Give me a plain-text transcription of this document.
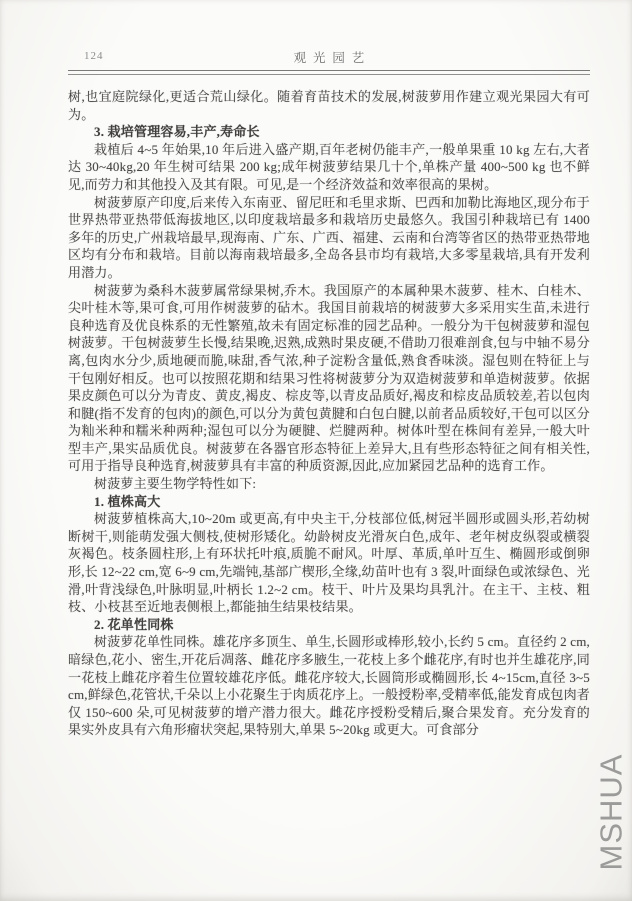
124	观光园艺
树,也宜庭院绿化,更适合荒山绿化。随着育苗技术的发展,树菠萝用作建立观光果园大有可为。
3. 栽培管理容易,丰产,寿命长
栽植后 4~5 年始果,10 年后进入盛产期,百年老树仍能丰产,一般单果重 10 kg 左右,大者达 30~40kg,20 年生树可结果 200 kg;成年树菠萝结果几十个,单株产量 400~500 kg 也不鲜见,而劳力和其他投入及其有限。可见,是一个经济效益和效率很高的果树。
树菠萝原产印度,后来传入东南亚、留尼旺和毛里求斯、巴西和加勒比海地区,现分布于世界热带亚热带低海拔地区,以印度栽培最多和栽培历史最悠久。我国引种栽培已有 1400 多年的历史,广州栽培最早,现海南、广东、广西、福建、云南和台湾等省区的热带亚热带地区均有分布和栽培。目前以海南栽培最多,全岛各县市均有栽培,大多零星栽培,具有开发利用潜力。
树菠萝为桑科木菠萝属常绿果树,乔木。我国原产的本属种果木菠萝、桂木、白桂木、尖叶桂木等,果可食,可用作树菠萝的砧木。我国目前栽培的树菠萝大多采用实生苗,未进行良种选育及优良株系的无性繁殖,故未有固定标准的园艺品种。一般分为干包树菠萝和湿包树菠萝。干包树菠萝生长慢,结果晚,迟熟,成熟时果皮硬,不借助刀很难剖食,包与中轴不易分离,包肉水分少,质地硬而脆,味甜,香气浓,种子淀粉含量低,熟食香味淡。湿包则在特征上与干包刚好相反。也可以按照花期和结果习性将树菠萝分为双造树菠萝和单造树菠萝。依据果皮颜色可以分为青皮、黄皮,褐皮、棕皮等,以青皮品质好,褐皮和棕皮品质较差,若以包肉和腱(指不发育的包肉)的颜色,可以分为黄包黄腱和白包白腱,以前者品质较好,干包可以区分为籼米种和糯米种两种;湿包可以分为硬腱、烂腱两种。树体叶型在株间有差异,一般大叶型丰产,果实品质优良。树菠萝在各器官形态特征上差异大,且有些形态特征之间有相关性,可用于指导良种选育,树菠萝具有丰富的种质资源,因此,应加紧园艺品种的选育工作。
树菠萝主要生物学特性如下:
1. 植株高大
树菠萝植株高大,10~20m 或更高,有中央主干,分枝部位低,树冠半圆形或圆头形,若幼树断树干,则能萌发强大侧枝,使树形矮化。幼龄树皮光滑灰白色,成年、老年树皮纵裂或横裂灰褐色。枝条圆柱形,上有环状托叶痕,质脆不耐风。叶厚、革质,单叶互生、椭圆形或倒卵形,长 12~22 cm,宽 6~9 cm,先端钝,基部广楔形,全缘,幼苗叶也有 3 裂,叶面绿色或浓绿色、光滑,叶背浅绿色,叶脉明显,叶柄长 1.2~2 cm。枝干、叶片及果均具乳汁。在主干、主枝、粗枝、小枝甚至近地表侧根上,都能抽生结果枝结果。
2. 花单性同株
树菠萝花单性同株。雄花序多顶生、单生,长圆形或棒形,较小,长约 5 cm。直径约 2 cm,暗绿色,花小、密生,开花后凋落、雌花序多腋生,一花枝上多个雌花序,有时也并生雄花序,同一花枝上雌花序着生位置较雄花序低。雌花序较大,长圆筒形或椭圆形,长 4~15cm,直径 3~5 cm,鲜绿色,花管状,千朵以上小花聚生于肉质花序上。一般授粉率,受精率低,能发育成包肉者仅 150~600 朵,可见树菠萝的增产潜力很大。雌花序授粉受精后,聚合果发育。充分发育的果实外皮具有六角形瘤状突起,果特别大,单果 5~20kg 或更大。可食部分
MSHUA
